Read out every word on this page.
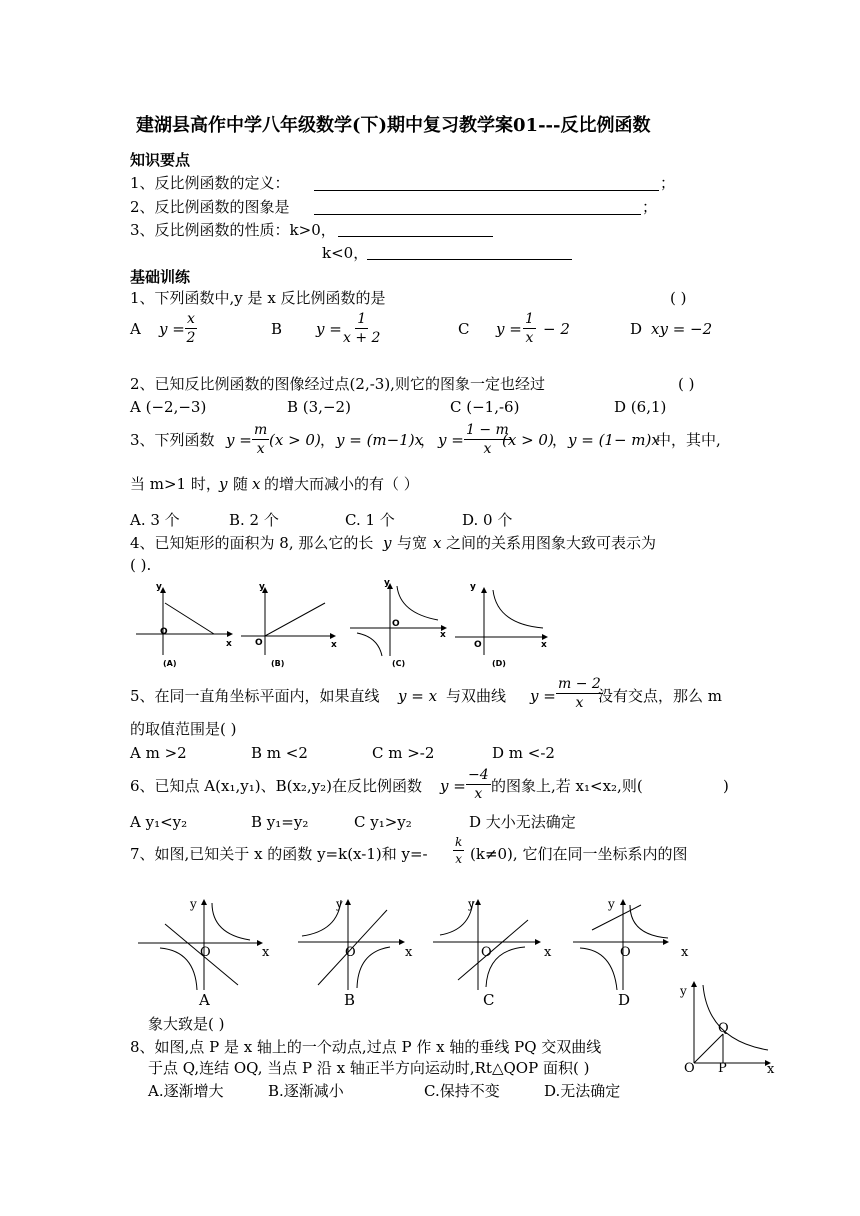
建湖县高作中学八年级数学(下)期中复习教学案01---反比例函数
知识要点
1、反比例函数的定义：	；
2、反比例函数的图象是	；
3、反比例函数的性质：k>0，
k<0，
基础训练
1、下列函数中,y 是 x 反比例函数的是	( )
A $y = \frac{x}{2}$	B $y = \frac{1}{x + 2}$	C $y = \frac{1}{x} - 2$	D xy = −2
2、已知反比例函数的图像经过点(2,-3),则它的图象一定也经过	( )
A (−2,−3)	B (3,−2)	C (−1,-6)	D (6,1)
3、下列函数 $y = \frac{m}{x} (x > 0)$ ， y = (m−1)x
， $y = \frac{1 - m}{x}$
(x > 0)
， y = (1− m)x
中，其中,
当 m>1 时，
y 随 x 的增大而减小的有（ ）
A. 3 个	B. 2 个	C. 1 个	D. 0 个
4、已知矩形的面积为 8, 那么它的长 y 与宽 x 之间的关系用图象大致可表示为
( ).
y
O
x
(A)
y
O	x
(B)
y
O
x
(C)
y
O	x
(D)
5、在同一直角坐标平面内，如果直线 y = x 与双曲线 $y = \frac{m - 2}{x}$
没有交点，那么 m
的取值范围是( )
A m >2	B m <2	C m >-2	D m <-2
6、已知点 A(x₁,y₁)、B(x₂,y₂)在反比例函数 $y = \frac{-4}{x}$ 的图象上,若 x₁<x₂,则(	)
A y₁<y₂	B y₁=y₂	C y₁>y₂	D 大小无法确定
7、如图,已知关于 x 的函数 y=k(x-1)和 $y=- \frac{k}{x} (k\ne 0)$, 它们在同一坐标系内的图
y
O	x
A
y
O	x
B
y
O	x
C
y
O	x
D
象大致是( )
8、如图,点 P 是 x 轴上的一个动点,过点 P 作 x 轴的垂线 PQ 交双曲线
于点 Q,连结 OQ, 当点 P 沿 x 轴正半方向运动时,Rt△QOP 面积( )
A.逐渐增大	B.逐渐减小	C.保持不变	D.无法确定
y
O P
Q
x
